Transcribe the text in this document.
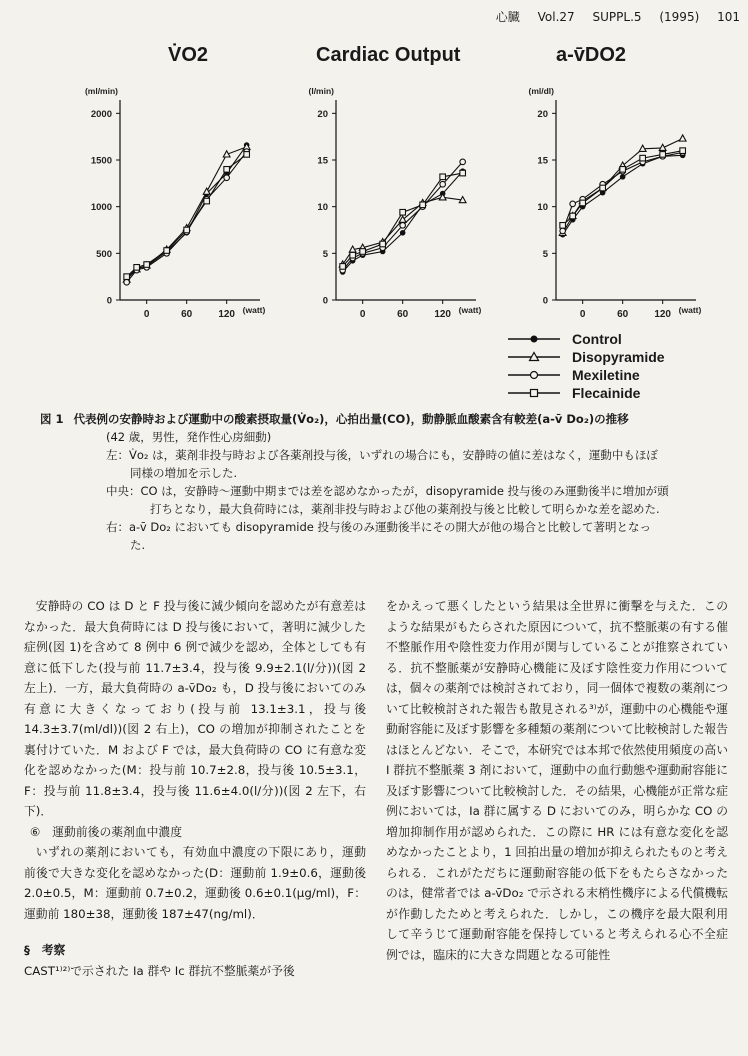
心臓 Vol.27 SUPPL.5 (1995) 101
V̇O2	Cardiac Output	a-v̄DO2
(ml/min)
0
500
1000
1500
2000
0	60	120 (watt)
(l/min)
0
5
10
15
20
0	60	120 (watt)
(ml/dl)
0
5
10
15
20
0	60	120 (watt)
Control
Disopyramide
Mexiletine
Flecainide
図 1 代表例の安静時および運動中の酸素摂取量(V̇o₂)，心拍出量(CO)，動静脈血酸素含有較差(a-v̄ Do₂)の推移
(42 歳，男性，発作性心房細動)
左：V̇o₂ は，薬剤非投与時および各薬剤投与後，いずれの場合にも，安静時の値に差はなく，運動中もほぼ
同様の増加を示した.
中央：CO は，安静時〜運動中期までは差を認めなかったが，disopyramide 投与後のみ運動後半に増加が頭
打ちとなり，最大負荷時には，薬剤非投与時および他の薬剤投与後と比較して明らかな差を認めた.
右：a-v̄ Do₂ においても disopyramide 投与後のみ運動後半にその開大が他の場合と比較して著明となっ
た.

安静時の CO は D と F 投与後に減少傾向を認めたが有意差はなかった．最大負荷時には D 投与後において，著明に減少した症例(図 1)を含めて 8 例中 6 例で減少を認め，全体としても有意に低下した(投与前 11.7±3.4，投与後 9.9±2.1(l/分))(図 2 左上)．一方，最大負荷時の a-v̄Do₂ も，D 投与後においてのみ有意に大きくなっており(投与前 13.1±3.1，投与後 14.3±3.7(ml/dl))(図 2 右上)，CO の増加が抑制されたことを裏付けていた．M および F では，最大負荷時の CO に有意な変化を認めなかった(M：投与前 10.7±2.8，投与後 10.5±3.1，F：投与前 11.8±3.4，投与後 11.6±4.0(l/分))(図 2 左下，右下)．

⑥　運動前後の薬剤血中濃度

いずれの薬剤においても，有効血中濃度の下限にあり，運動前後で大きな変化を認めなかった(D：運動前 1.9±0.6，運動後 2.0±0.5，M：運動前 0.7±0.2，運動後 0.6±0.1(μg/ml)，F：運動前 180±38，運動後 187±47(ng/ml)．

§　考察

CAST¹⁾²⁾で示された Ia 群や Ic 群抗不整脈薬が予後

をかえって悪くしたという結果は全世界に衝撃を与えた．このような結果がもたらされた原因について，抗不整脈薬の有する催不整脈作用や陰性変力作用が関与していることが推察されている．抗不整脈薬が安静時心機能に及ぼす陰性変力作用については，個々の薬剤では検討されており，同一個体で複数の薬剤について比較検討された報告も散見される³⁾が，運動中の心機能や運動耐容能に及ぼす影響を多種類の薬剤について比較検討した報告はほとんどない．そこで，本研究では本邦で依然使用頻度の高い I 群抗不整脈薬 3 剤において，運動中の血行動態や運動耐容能に及ぼす影響について比較検討した．その結果，心機能が正常な症例においては，Ia 群に属する D においてのみ，明らかな CO の増加抑制作用が認められた．この際に HR には有意な変化を認めなかったことより，1 回拍出量の増加が抑えられたものと考えられる．これがただちに運動耐容能の低下をもたらさなかったのは，健常者では a-v̄Do₂ で示される末梢性機序による代償機転が作動したためと考えられた．しかし，この機序を最大限利用して辛うじて運動耐容能を保持していると考えられる心不全症例では，臨床的に大きな問題となる可能性
